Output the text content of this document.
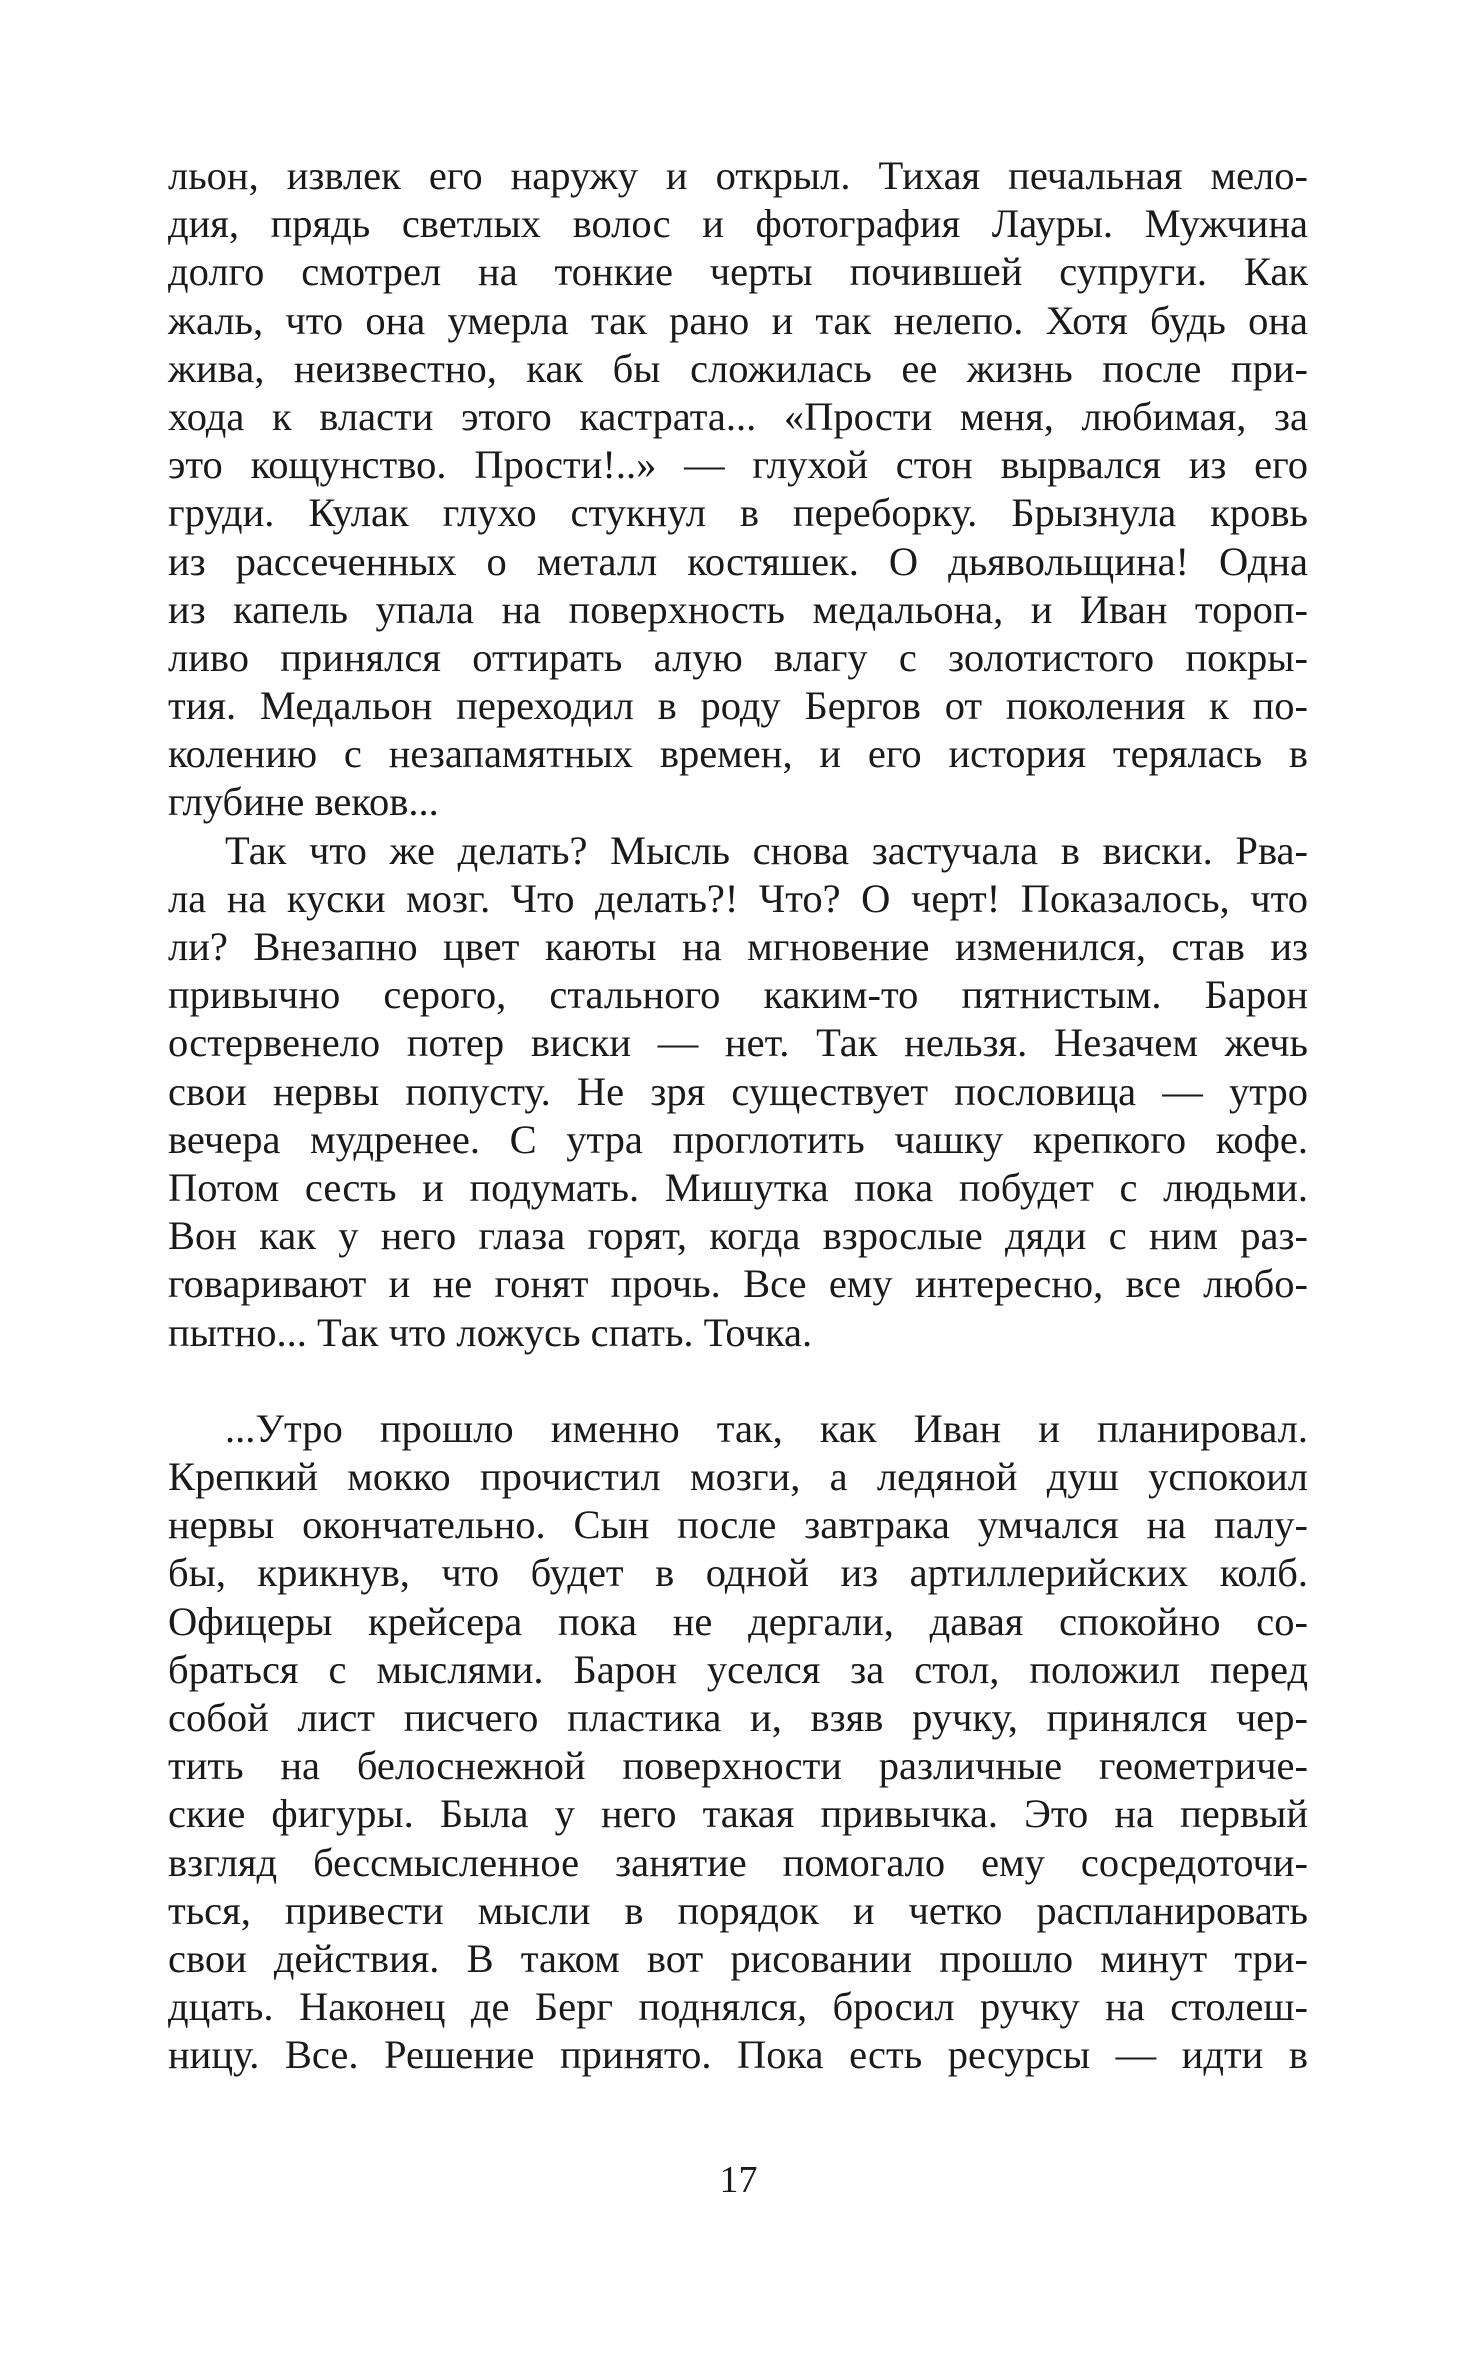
льон, извлек его наружу и открыл. Тихая печальная мело-
дия, прядь светлых волос и фотография Лауры. Мужчина
долго смотрел на тонкие черты почившей супруги. Как
жаль, что она умерла так рано и так нелепо. Хотя будь она
жива, неизвестно, как бы сложилась ее жизнь после при-
хода к власти этого кастрата... «Прости меня, любимая, за
это кощунство. Прости!..» — глухой стон вырвался из его
груди. Кулак глухо стукнул в переборку. Брызнула кровь
из рассеченных о металл костяшек. О дьявольщина! Одна
из капель упала на поверхность медальона, и Иван тороп-
ливо принялся оттирать алую влагу с золотистого покры-
тия. Медальон переходил в роду Бергов от поколения к по-
колению с незапамятных времен, и его история терялась в
глубине веков...
Так что же делать? Мысль снова застучала в виски. Рва-
ла на куски мозг. Что делать?! Что? О черт! Показалось, что
ли? Внезапно цвет каюты на мгновение изменился, став из
привычно серого, стального каким-то пятнистым. Барон
остервенело потер виски — нет. Так нельзя. Незачем жечь
свои нервы попусту. Не зря существует пословица — утро
вечера мудренее. С утра проглотить чашку крепкого кофе.
Потом сесть и подумать. Мишутка пока побудет с людьми.
Вон как у него глаза горят, когда взрослые дяди с ним раз-
говаривают и не гонят прочь. Все ему интересно, все любо-
пытно... Так что ложусь спать. Точка.
...Утро прошло именно так, как Иван и планировал.
Крепкий мокко прочистил мозги, а ледяной душ успокоил
нервы окончательно. Сын после завтрака умчался на палу-
бы, крикнув, что будет в одной из артиллерийских колб.
Офицеры крейсера пока не дергали, давая спокойно со-
браться с мыслями. Барон уселся за стол, положил перед
собой лист писчего пластика и, взяв ручку, принялся чер-
тить на белоснежной поверхности различные геометриче-
ские фигуры. Была у него такая привычка. Это на первый
взгляд бессмысленное занятие помогало ему сосредоточи-
ться, привести мысли в порядок и четко распланировать
свои действия. В таком вот рисовании прошло минут три-
дцать. Наконец де Берг поднялся, бросил ручку на столеш-
ницу. Все. Решение принято. Пока есть ресурсы — идти в
17
